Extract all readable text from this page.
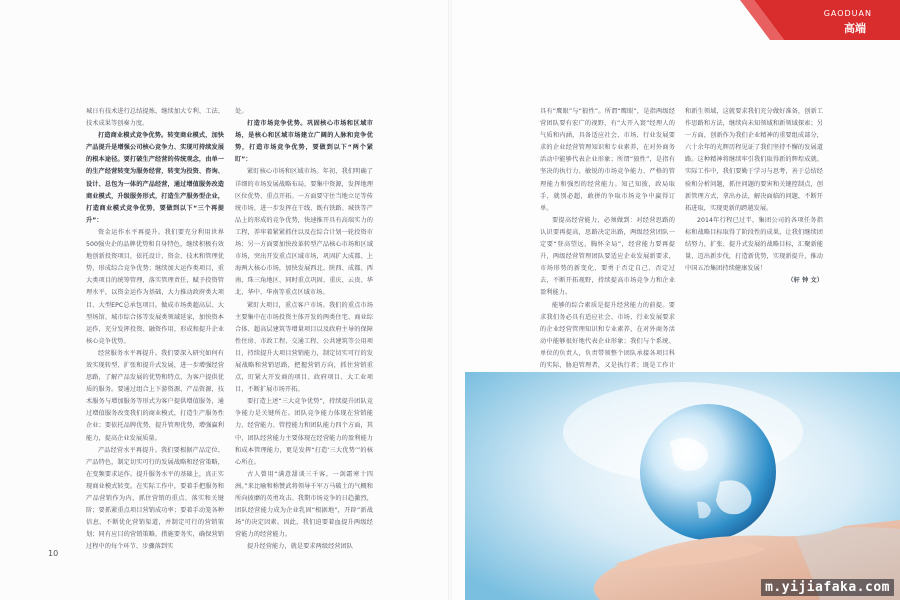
城日有技术进行总结提炼，继续加大专利、工法、技术成果等创奏力度。

打造商业模式竞争优势。转变商业模式，加快产品提升是增强公司核心竞争力、实现可持续发展的根本途径。要打破生产经营的传统观念，由单一的生产经营转变为服务经营，转变为投资、咨询、设计、总包为一体的产品经营，通过增值服务改造商业模式，升级服务形式，打造生产服务型企业，打造商业模式竞争优势，要做到以下“三个再提升”：

资金运作水平再提升。我们要充分利用世界500强央企的品牌优势和自身特色，继续积极有效地创新投资项目，依托设计、资金、技术和管理优势，形成综合竞争优势；继续加大运作类项目，重大类项目的统筹管理，落实管理责任，赋予投资管理水平，以资金运作为基础，大力推动政府类大项目、大型EPC总承包项目。做成市场类超高层、大型场馆、城市综合体等发展类领域延家，加快资本运作，充分发挥投资、融资作用，形成和提升企业核心竞争优势。

经营服务水平再提升。我们要深入研究如何有效实现转型、扩张和提升式发展，进一步增强经营思路，了解产品发展的优势和特点，为客户提供优质的服务。要通过组合上下游资源、产品资源，技术服务与增加服务等形式为客户提供增值服务，通过增值服务改变我们的商业模式，打造生产服务性企业；要依托品牌优势，提升管理优势，增强赢利能力，提高企业发展质量。

产品经营水平再提升。我们要根据产品定位、产品特色，制定切实可行的发展战略和经营策略，在变频要求运作。提升服务水平的基础上，真正实现商业模式转变。在实际工作中，要着手把服务和产品营销作为内，抓住营销的重点、落实和关键阶；要抓紧重点项目营销成功率；要着手动笼各种信息，不断优化营销渠道，并制定可行的营销策划；同有应目的营销策略，措施要务实，确保营销过程中的每个环节、步骤落到实

处。

打造市场竞争优势。巩固核心市场和区域市场，是核心和区域市场建立广阔的人脉和竞争优势，打造市场竞争优势，要做到以下“两个紧盯”：

紧盯核心市场和区域市场。年初，我们明确了详细的市场发展战略布局，要集中资源，发挥地理区位优势、重点开拓。一方面要守住当地立足等传统市场，进一步发挥在干线、既有铁路、城铁等产品上的形成的竞争优势，快速推开具有高端实力的工程，养牢着紧紧抓住以及在综合计划一轮投资市场；另一方面要加快改革转型产品核心市场和区域市场，突出开发重点区域市场，巩固扩大成都、上海两大核心市场，加快发展西北、陕西、成都、西南、珠三角地区、同时重点巩固、重庆、云贵、华北、华中、华南等重点区域市场。

紧盯大项目，重点客户市场。我们的重点市场主要集中在市场投资主体开发的两类住宅、商业综合体、超高层建筑等增量项目以及政府主导的保障性住房、市政工程、交通工程、公共建筑等公用项目，持续提升大项目营销能力，制定切实可行的发展战略和营销思路，把握营销方向，抓住营销重点，盯紧大开发商的项目、政府项目、大工业项目，不断扩展市场开拓。

要打造上述“三大竞争优势”，持续提升团队竞争能力是关键所在。团队竞争能力体现在营销能力、经营能力、管控能力和团队能力四个方面，其中，团队经营能力主要体现在经营能力的盈利能力和成本管理能力，更是发挥“打造‘三大优势’”的核心所在。

古人曾用“满意甜谈三千客，一剑霜寒十四洲。”来比喻和称赞武将领导千军万马破土的气概和所向披靡的英勇攻击。我期市场竞争的日趋激烈，团队经营能力成为企业乳固“根据地”，开辟“新战场”的决定因素。因此，我们迫要着血提升两级经营能力的经营能力。

提升经营能力，就是要求两级经营团队

10
GAODUAN
高端

具有“鹰眼”与“狼性”。所谓“鹰眼”，是指两级经营团队要有宏广的视野，有“大开入寰”经理人的气质和内涵，具备适应社会、市场、行业发展要求的企业经营管理知识和专业素养，在对外商务活动中能够代表企业形象；所谓“狼性”，是指有坚决的执行力、敏锐的市场竞争能力、严格的管理能力和强烈的经营能力。知己知彼，政局取手，就别必超，敢拼的争取市场竞争中赢得订单。

要提高经营能力，必须做到：对经营思路的认识要再提高，思路决定出路，两级经营团队一定要“登高望远，胸怀全局”，经营能力要再提升，两级经营管理团队要适应企业发展新要求，市场形势的新变化，要勇于否定自己、否定过去，不断开拓视野，持续提高市场竞争力和企业盈利能力。

能够的综合素质是提升经营能力的前提。要求我们务必具有适应社会、市场、行业发展要求的企业经营管理知识和专业素养，在对外商务活动中能够很好地代表企业形象；我们与个系统、单位的负责人，负责带领整个团队承接各项目科的实际，胁迫管理者，又是执行者；既是工作计

和新生领域，这就要求我们充分做好准备，创新工作思路和方法，继续向未知领域和新领域探索；另一方面，创新作为我们企业精神的重要组成部分，六十余年的光辉历程见证了我们坚持不懈的发展道路。这种精神将继续牢引我们取得新的辉煌成就。实际工作中，我们要勤于学习与思考，善于总结经验和分析问题，抓住问题的要害和关键控制点，创新管理方式，拿出办法，解决面临的问题，不断开拓进取，实现更新的跨越发展。

2014年行程已过半，集团公司的各项任务指标和战略目标取得了阶段性的成果，让我们继续团结努力，扩张、提升式发展的战略目标，汇聚新能量，迈出新步伐，打造新优势，实现新提升，推动中国五冶集团持续健康发展！

（轩 钟 文）
m.yijiafaka.com
